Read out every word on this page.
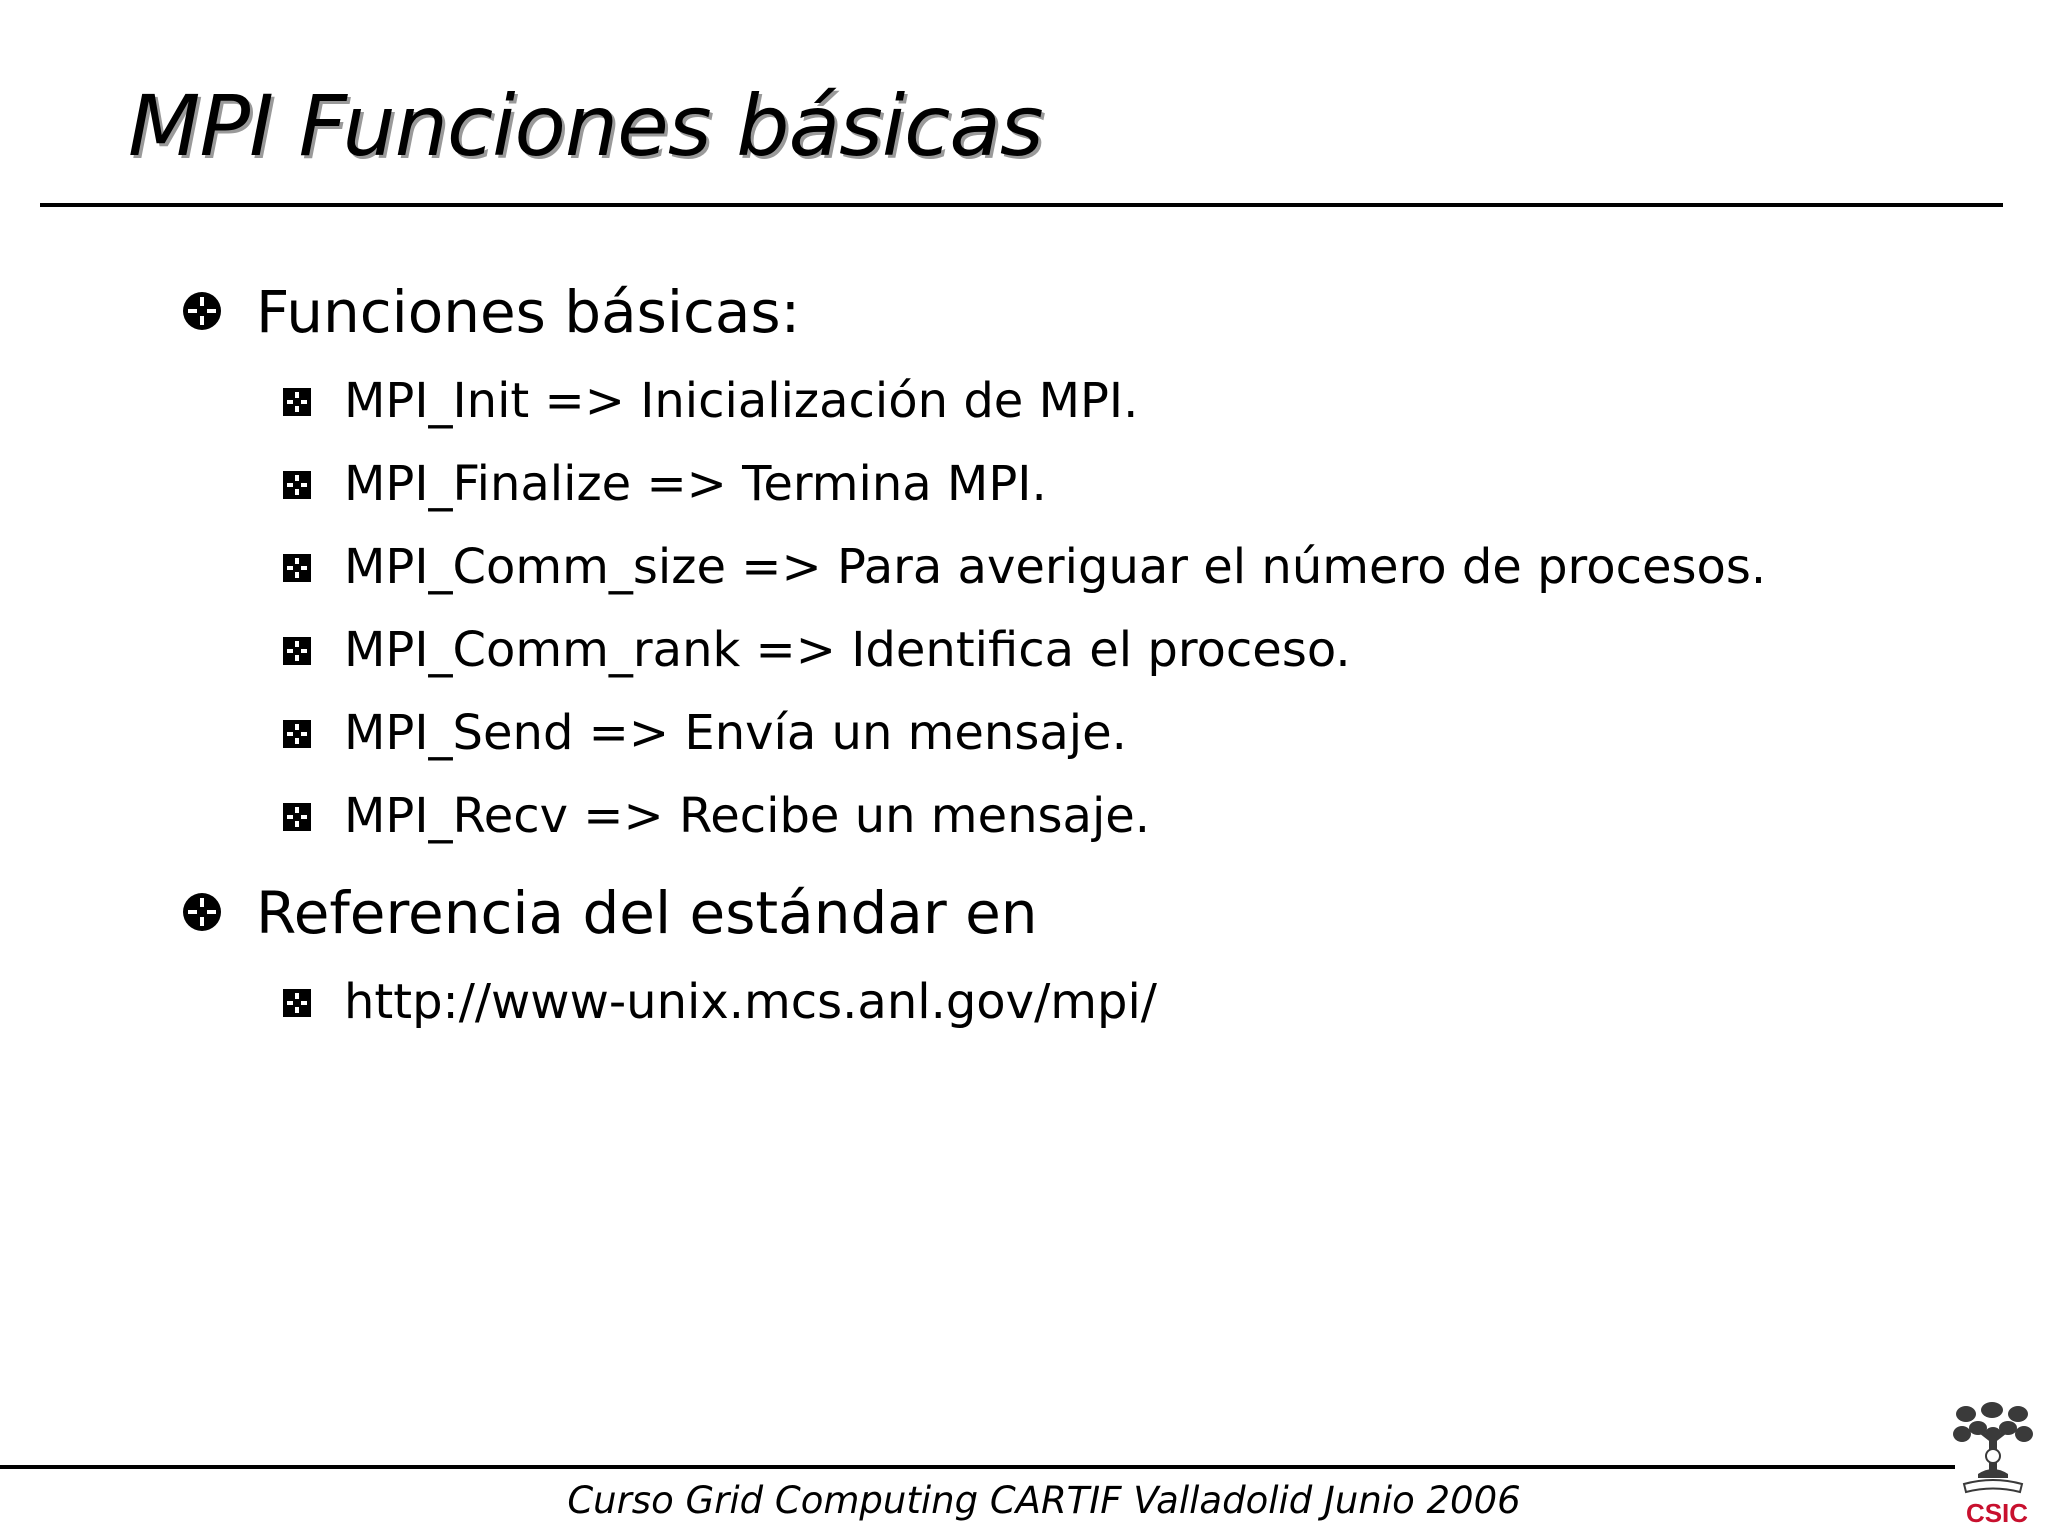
MPI Funciones básicas
Funciones básicas:
MPI_Init => Inicialización de MPI.
MPI_Finalize => Termina MPI.
MPI_Comm_size => Para averiguar el número de procesos.
MPI_Comm_rank => Identifica el proceso.
MPI_Send => Envía un mensaje.
MPI_Recv => Recibe un mensaje.
Referencia del estándar en
http://www-unix.mcs.anl.gov/mpi/

Curso Grid Computing CARTIF Valladolid Junio 2006	CSIC
